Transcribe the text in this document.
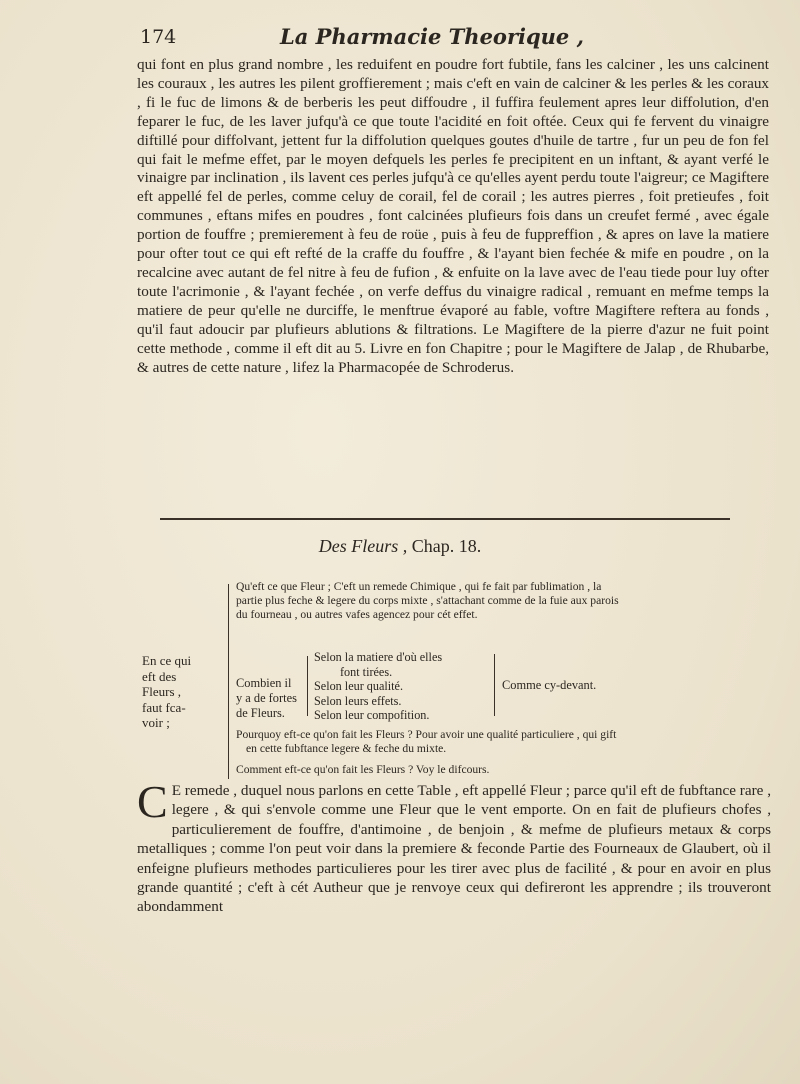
174	La Pharmacie Theorique ,

qui font en plus grand nombre , les reduifent en poudre fort fubtile, fans les calciner , les uns calcinent les couraux , les autres les pilent groffierement ; mais c'eft en vain de calciner & les perles & les coraux , fi le fuc de limons & de berberis les peut diffoudre , il fuffira feulement apres leur diffolution, d'en feparer le fuc, de les laver jufqu'à ce que toute l'acidité en foit oftée. Ceux qui fe fervent du vinaigre diftillé pour diffolvant, jettent fur la diffolution quelques goutes d'huile de tartre , fur un peu de fon fel qui fait le mefme effet, par le moyen defquels les perles fe precipitent en un inftant, & ayant verfé le vinaigre par inclination , ils lavent ces perles jufqu'à ce qu'elles ayent perdu toute l'aigreur; ce Magiftere eft appellé fel de perles, comme celuy de corail, fel de corail ; les autres pierres , foit pretieufes , foit communes , eftans mifes en poudres , font calcinées plufieurs fois dans un creufet fermé , avec égale portion de fouffre ; premierement à feu de roüe , puis à feu de fuppreffion , & apres on lave la matiere pour ofter tout ce qui eft refté de la craffe du fouffre , & l'ayant bien fechée & mife en poudre , on la recalcine avec autant de fel nitre à feu de fufion , & enfuite on la lave avec de l'eau tiede pour luy ofter toute l'acrimonie , & l'ayant fechée , on verfe deffus du vinaigre radical , remuant en mefme temps la matiere de peur qu'elle ne durciffe, le menftrue évaporé au fable, voftre Magiftere reftera au fonds , qu'il faut adoucir par plufieurs ablutions & filtrations. Le Magiftere de la pierre d'azur ne fuit point cette methode , comme il eft dit au 5. Livre en fon Chapitre ; pour le Magiftere de Jalap , de Rhubarbe, & autres de cette nature , lifez la Pharmacopée de Schroderus.

Des Fleurs , Chap. 18.
Qu'eft ce que Fleur ; C'eft un remede Chimique , qui fe fait par fublimation , la
partie plus feche & legere du corps mixte , s'attachant comme de la fuie aux parois
du fourneau , ou autres vafes agencez pour cét effet.
En ce qui
eft des
Fleurs ,
faut fca-
voir ;
Combien il
y a de fortes
de Fleurs.
Selon la matiere d'où elles
font tirées.
Selon leur qualité.
Selon leurs effets.
Selon leur compofition.
Comme cy-devant.
Pourquoy eft-ce qu'on fait les Fleurs ? Pour avoir une qualité particuliere , qui gift
en cette fubftance legere & feche du mixte.
Comment eft-ce qu'on fait les Fleurs ? Voy le difcours.

C E remede , duquel nous parlons en cette Table , eft appellé Fleur ; parce qu'il eft de fubftance rare , legere , & qui s'envole comme une Fleur que le vent emporte. On en fait de plufieurs chofes , particulierement de fouffre, d'antimoine , de benjoin , & mefme de plufieurs metaux & corps metalliques ; comme l'on peut voir dans la premiere & feconde Partie des Fourneaux de Glaubert, où il enfeigne plufieurs methodes particulieres pour les tirer avec plus de facilité , & pour en avoir en plus grande quantité ; c'eft à cét Autheur que je renvoye ceux qui defireront les apprendre ; ils trouveront abondamment
